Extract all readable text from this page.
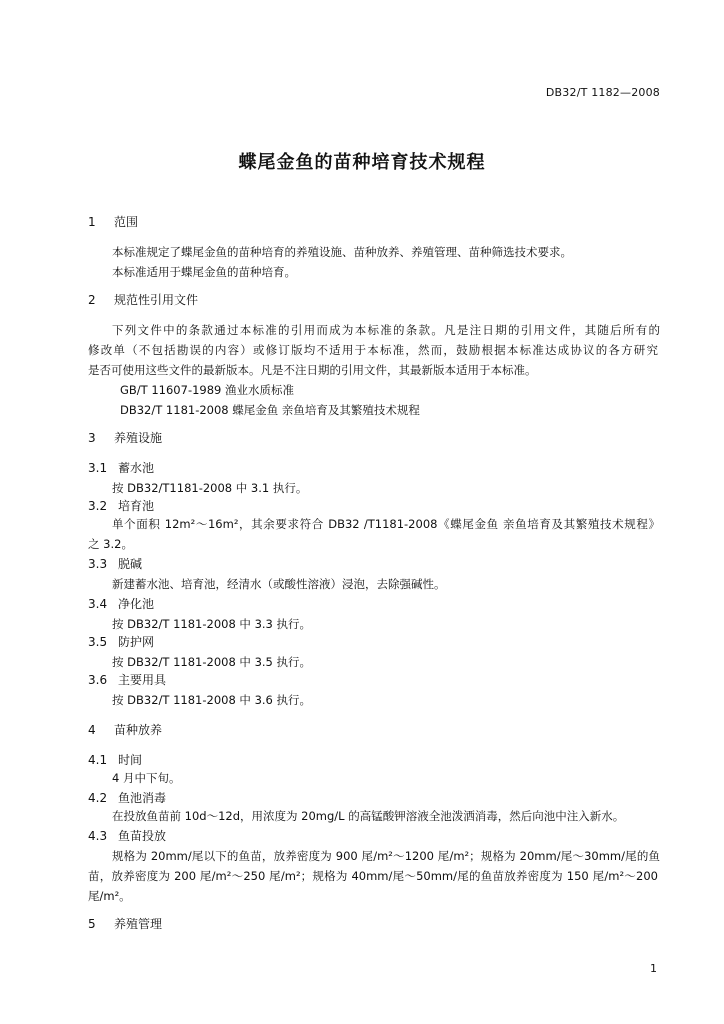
DB32/T 1182—2008
蝶尾金鱼的苗种培育技术规程
1 范围
本标准规定了蝶尾金鱼的苗种培育的养殖设施、苗种放养、养殖管理、苗种筛选技术要求。
本标准适用于蝶尾金鱼的苗种培育。
2 规范性引用文件
下列文件中的条款通过本标准的引用而成为本标准的条款。凡是注日期的引用文件，其随后所有的
修改单（不包括勘误的内容）或修订版均不适用于本标准，然而，鼓励根据本标准达成协议的各方研究
是否可使用这些文件的最新版本。凡是不注日期的引用文件，其最新版本适用于本标准。
GB/T 11607-1989 渔业水质标准
DB32/T 1181-2008 蝶尾金鱼 亲鱼培育及其繁殖技术规程
3 养殖设施
3.1 蓄水池
按 DB32/T1181-2008 中 3.1 执行。
3.2 培育池
单个面积 12m²～16m²，其余要求符合 DB32 /T1181-2008《蝶尾金鱼 亲鱼培育及其繁殖技术规程》
之 3.2。
3.3 脱碱
新建蓄水池、培育池，经清水（或酸性溶液）浸泡，去除强碱性。
3.4 净化池
按 DB32/T 1181-2008 中 3.3 执行。
3.5 防护网
按 DB32/T 1181-2008 中 3.5 执行。
3.6 主要用具
按 DB32/T 1181-2008 中 3.6 执行。
4 苗种放养
4.1 时间
4 月中下旬。
4.2 鱼池消毒
在投放鱼苗前 10d～12d，用浓度为 20mg/L 的高锰酸钾溶液全池泼洒消毒，然后向池中注入新水。
4.3 鱼苗投放
规格为 20mm/尾以下的鱼苗，放养密度为 900 尾/m²～1200 尾/m²；规格为 20mm/尾～30mm/尾的鱼
苗，放养密度为 200 尾/m²～250 尾/m²；规格为 40mm/尾～50mm/尾的鱼苗放养密度为 150 尾/m²～200
尾/m²。
5 养殖管理
1
